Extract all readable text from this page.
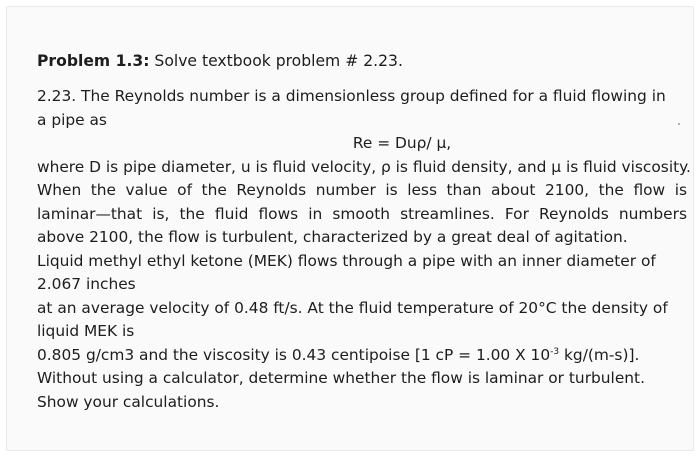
Problem 1.3: Solve textbook problem # 2.23.

2.23. The Reynolds number is a dimensionless group defined for a fluid flowing in
a pipe as
Re = Duρ/ μ,
where D is pipe diameter, u is fluid velocity, ρ is fluid density, and μ is fluid viscosity.
When the value of the Reynolds number is less than about 2100, the flow is
laminar—that is, the fluid flows in smooth streamlines. For Reynolds numbers
above 2100, the flow is turbulent, characterized by a great deal of agitation.
Liquid methyl ethyl ketone (MEK) flows through a pipe with an inner diameter of
2.067 inches
at an average velocity of 0.48 ft/s. At the fluid temperature of 20°C the density of
liquid MEK is
0.805 g/cm3 and the viscosity is 0.43 centipoise [1 cP = 1.00 X $10^{-3}$ kg/(m-s)].
Without using a calculator, determine whether the flow is laminar or turbulent.
Show your calculations.
